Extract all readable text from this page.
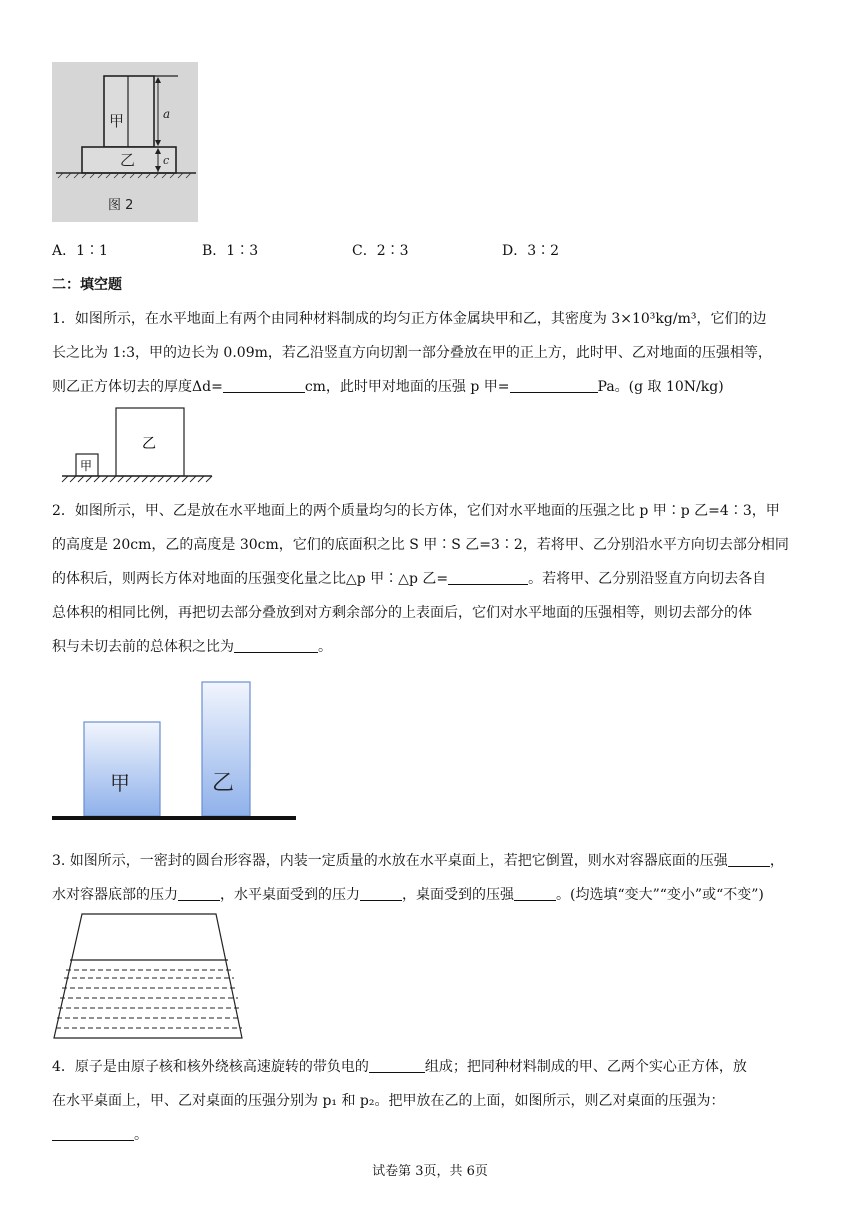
甲
乙
a
c
图 2
A．1∶1	B．1∶3	C．2∶3	D．3∶2
二：填空题
1．如图所示，在水平地面上有两个由同种材料制成的均匀正方体金属块甲和乙，其密度为 3×10³kg/m³，它们的边
长之比为 1:3，甲的边长为 0.09m，若乙沿竖直方向切割一部分叠放在甲的正上方，此时甲、乙对地面的压强相等，
则乙正方体切去的厚度Δd=	cm，此时甲对地面的压强 p 甲=	Pa。(g 取 10N/kg)
甲
乙
2．如图所示，甲、乙是放在水平地面上的两个质量均匀的长方体，它们对水平地面的压强之比 p 甲∶p 乙=4∶3，甲
的高度是 20cm，乙的高度是 30cm，它们的底面积之比 S 甲∶S 乙=3∶2，若将甲、乙分别沿水平方向切去部分相同
的体积后，则两长方体对地面的压强变化量之比△p 甲∶△p 乙=	。若将甲、乙分别沿竖直方向切去各自
总体积的相同比例，再把切去部分叠放到对方剩余部分的上表面后，它们对水平地面的压强相等，则切去部分的体
积与未切去前的总体积之比为	。
甲	乙
3. 如图所示，一密封的圆台形容器，内装一定质量的水放在水平桌面上，若把它倒置，则水对容器底面的压强	，
水对容器底部的压力	，水平桌面受到的压力	，桌面受到的压强	。(均选填“变大”“变小”或“不变”)
4．原子是由原子核和核外绕核高速旋转的带负电的	组成；把同种材料制成的甲、乙两个实心正方体，放
在水平桌面上，甲、乙对桌面的压强分别为 p₁ 和 p₂。把甲放在乙的上面，如图所示，则乙对桌面的压强为：
。
试卷第 3页，共 6页
